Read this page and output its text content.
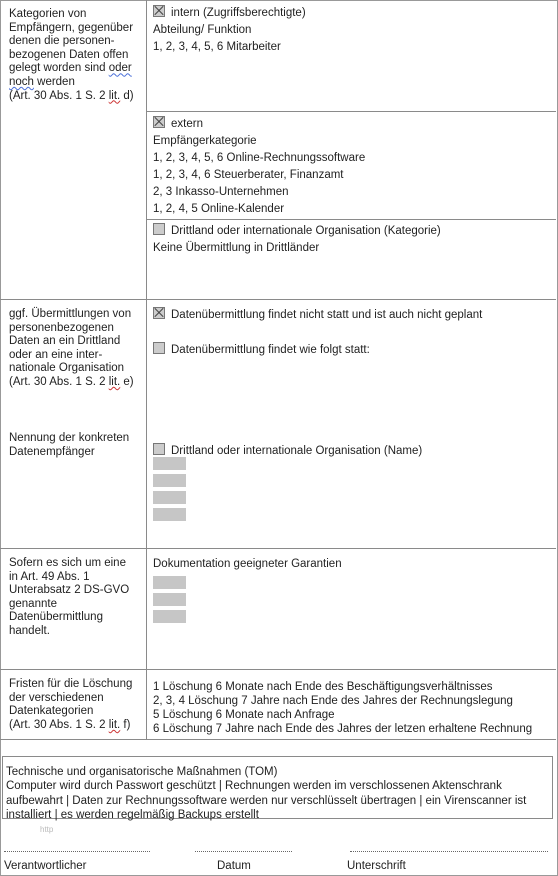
Kategorien von
Empfängern, gegenüber
denen die personen-
bezogenen Daten offen
gelegt worden sind oder
noch werden
(Art. 30 Abs. 1 S. 2 lit. d)
intern (Zugriffsberechtigte)
Abteilung/ Funktion
1, 2, 3, 4, 5, 6 Mitarbeiter
extern
Empfängerkategorie
1, 2, 3, 4, 5, 6 Online-Rechnungssoftware
1, 2, 3, 4, 6 Steuerberater, Finanzamt
2, 3 Inkasso-Unternehmen
1, 2, 4, 5 Online-Kalender
Drittland oder internationale Organisation (Kategorie)
Keine Übermittlung in Drittländer
ggf. Übermittlungen von
personenbezogenen
Daten an ein Drittland
oder an eine inter-
nationale Organisation
(Art. 30 Abs. 1 S. 2 lit. e)
Nennung der konkreten
Datenempfänger
Datenübermittlung findet nicht statt und ist auch nicht geplant
Datenübermittlung findet wie folgt statt:
Drittland oder internationale Organisation (Name)
Sofern es sich um eine
in Art. 49 Abs. 1
Unterabsatz 2 DS-GVO
genannte
Datenübermittlung
handelt.
Dokumentation geeigneter Garantien
Fristen für die Löschung
der verschiedenen
Datenkategorien
(Art. 30 Abs. 1 S. 2 lit. f)
1 Löschung 6 Monate nach Ende des Beschäftigungsverhältnisses
2, 3, 4 Löschung 7 Jahre nach Ende des Jahres der Rechnungslegung
5 Löschung 6 Monate nach Anfrage
6 Löschung 7 Jahre nach Ende des Jahres der letzen erhaltene Rechnung
Technische und organisatorische Maßnahmen (TOM)
Computer wird durch Passwort geschützt | Rechnungen werden im verschlossenen Aktenschrank aufbewahrt | Daten zur Rechnungssoftware werden nur verschlüsselt übertragen | ein Virenscanner ist installiert | es werden regelmäßig Backups erstellt
http
Verantwortlicher	Datum	Unterschrift
